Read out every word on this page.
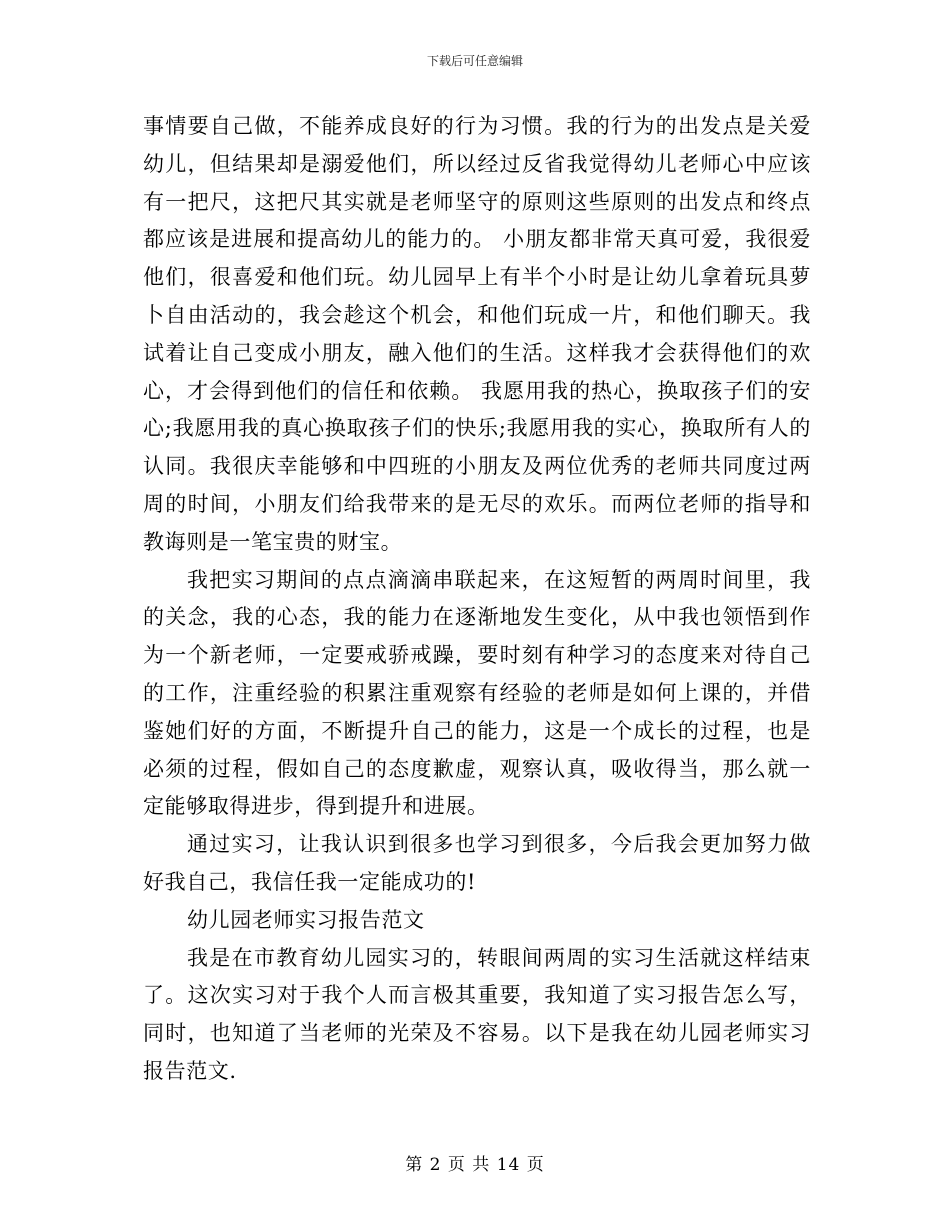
下载后可任意编辑

事情要自己做，不能养成良好的行为习惯。我的行为的出发点是关爱幼儿，但结果却是溺爱他们，所以经过反省我觉得幼儿老师心中应该有一把尺，这把尺其实就是老师坚守的原则这些原则的出发点和终点都应该是进展和提高幼儿的能力的。 小朋友都非常天真可爱，我很爱他们，很喜爱和他们玩。幼儿园早上有半个小时是让幼儿拿着玩具萝卜自由活动的，我会趁这个机会，和他们玩成一片，和他们聊天。我试着让自己变成小朋友，融入他们的生活。这样我才会获得他们的欢心，才会得到他们的信任和依赖。 我愿用我的热心，换取孩子们的安心;我愿用我的真心换取孩子们的快乐;我愿用我的实心，换取所有人的认同。我很庆幸能够和中四班的小朋友及两位优秀的老师共同度过两周的时间，小朋友们给我带来的是无尽的欢乐。而两位老师的指导和教诲则是一笔宝贵的财宝。

我把实习期间的点点滴滴串联起来，在这短暂的两周时间里，我的关念，我的心态，我的能力在逐渐地发生变化，从中我也领悟到作为一个新老师，一定要戒骄戒躁，要时刻有种学习的态度来对待自己的工作，注重经验的积累注重观察有经验的老师是如何上课的，并借鉴她们好的方面，不断提升自己的能力，这是一个成长的过程，也是必须的过程，假如自己的态度歉虚，观察认真，吸收得当，那么就一定能够取得进步，得到提升和进展。

通过实习，让我认识到很多也学习到很多，今后我会更加努力做好我自己，我信任我一定能成功的!

幼儿园老师实习报告范文

我是在市教育幼儿园实习的，转眼间两周的实习生活就这样结束了。这次实习对于我个人而言极其重要，我知道了实习报告怎么写，同时，也知道了当老师的光荣及不容易。以下是我在幼儿园老师实习报告范文.

第 2 页 共 14 页
